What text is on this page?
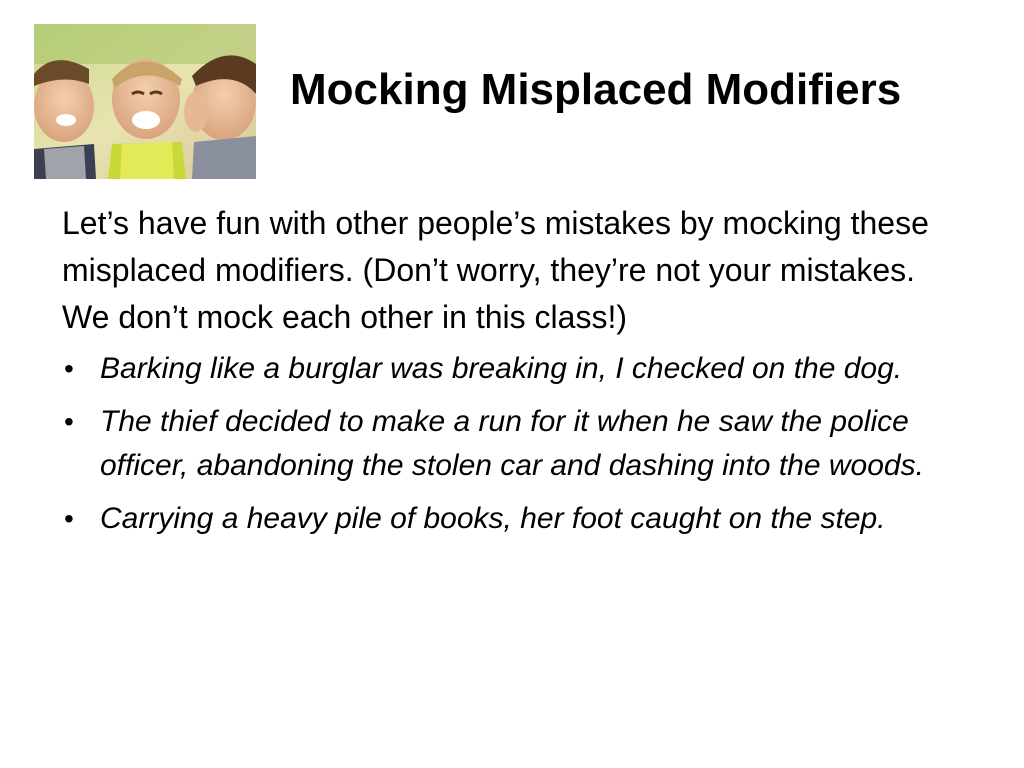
Mocking Misplaced Modifiers

Let’s have fun with other people’s mistakes by mocking these misplaced modifiers. (Don’t worry, they’re not your mistakes. We don’t mock each other in this class!)

• Barking like a burglar was breaking in, I checked on the dog.
• The thief decided to make a run for it when he saw the police officer, abandoning the stolen car and dashing into the woods.
• Carrying a heavy pile of books, her foot caught on the step.
